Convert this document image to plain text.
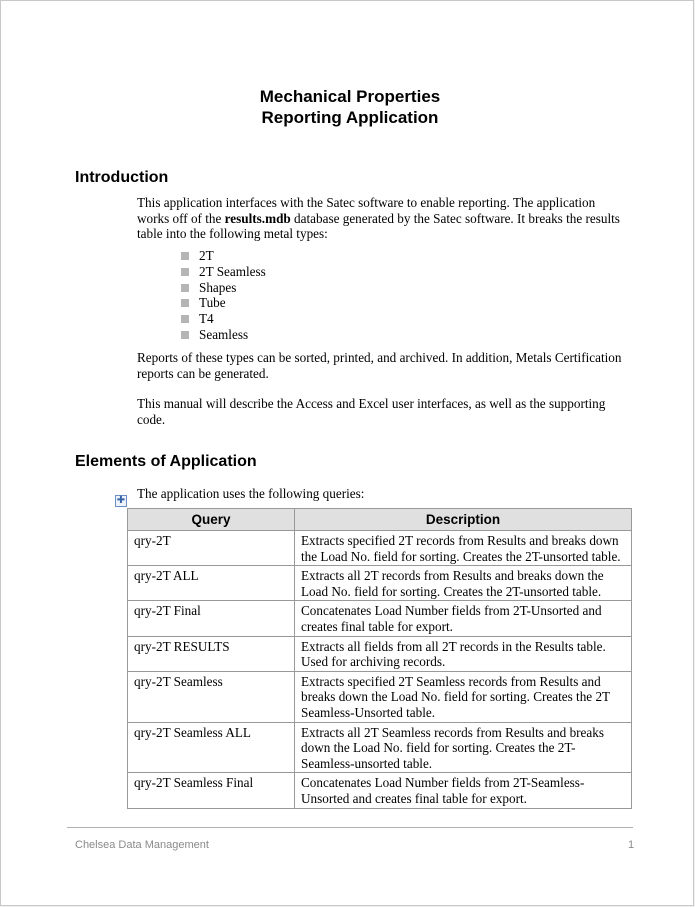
Mechanical Properties
Reporting Application
Introduction
This application interfaces with the Satec software to enable reporting. The application works off of the results.mdb database generated by the Satec software. It breaks the results table into the following metal types:
2T
2T Seamless
Shapes
Tube
T4
Seamless
Reports of these types can be sorted, printed, and archived. In addition, Metals Certification reports can be generated.
This manual will describe the Access and Excel user interfaces, as well as the supporting code.
Elements of Application
The application uses the following queries:
✚
Query	Description
qry-2T	Extracts specified 2T records from Results and breaks down the Load No. field for sorting. Creates the 2T-unsorted table.
qry-2T ALL	Extracts all 2T records from Results and breaks down the Load No. field for sorting. Creates the 2T-unsorted table.
qry-2T Final	Concatenates Load Number fields from 2T-Unsorted and creates final table for export.
qry-2T RESULTS	Extracts all fields from all 2T records in the Results table. Used for archiving records.
qry-2T Seamless	Extracts specified 2T Seamless records from Results and breaks down the Load No. field for sorting. Creates the 2T Seamless-Unsorted table.
qry-2T Seamless ALL	Extracts all 2T Seamless records from Results and breaks down the Load No. field for sorting. Creates the 2T-Seamless-unsorted table.
qry-2T Seamless Final	Concatenates Load Number fields from 2T-Seamless-Unsorted and creates final table for export.
Chelsea Data Management	1
